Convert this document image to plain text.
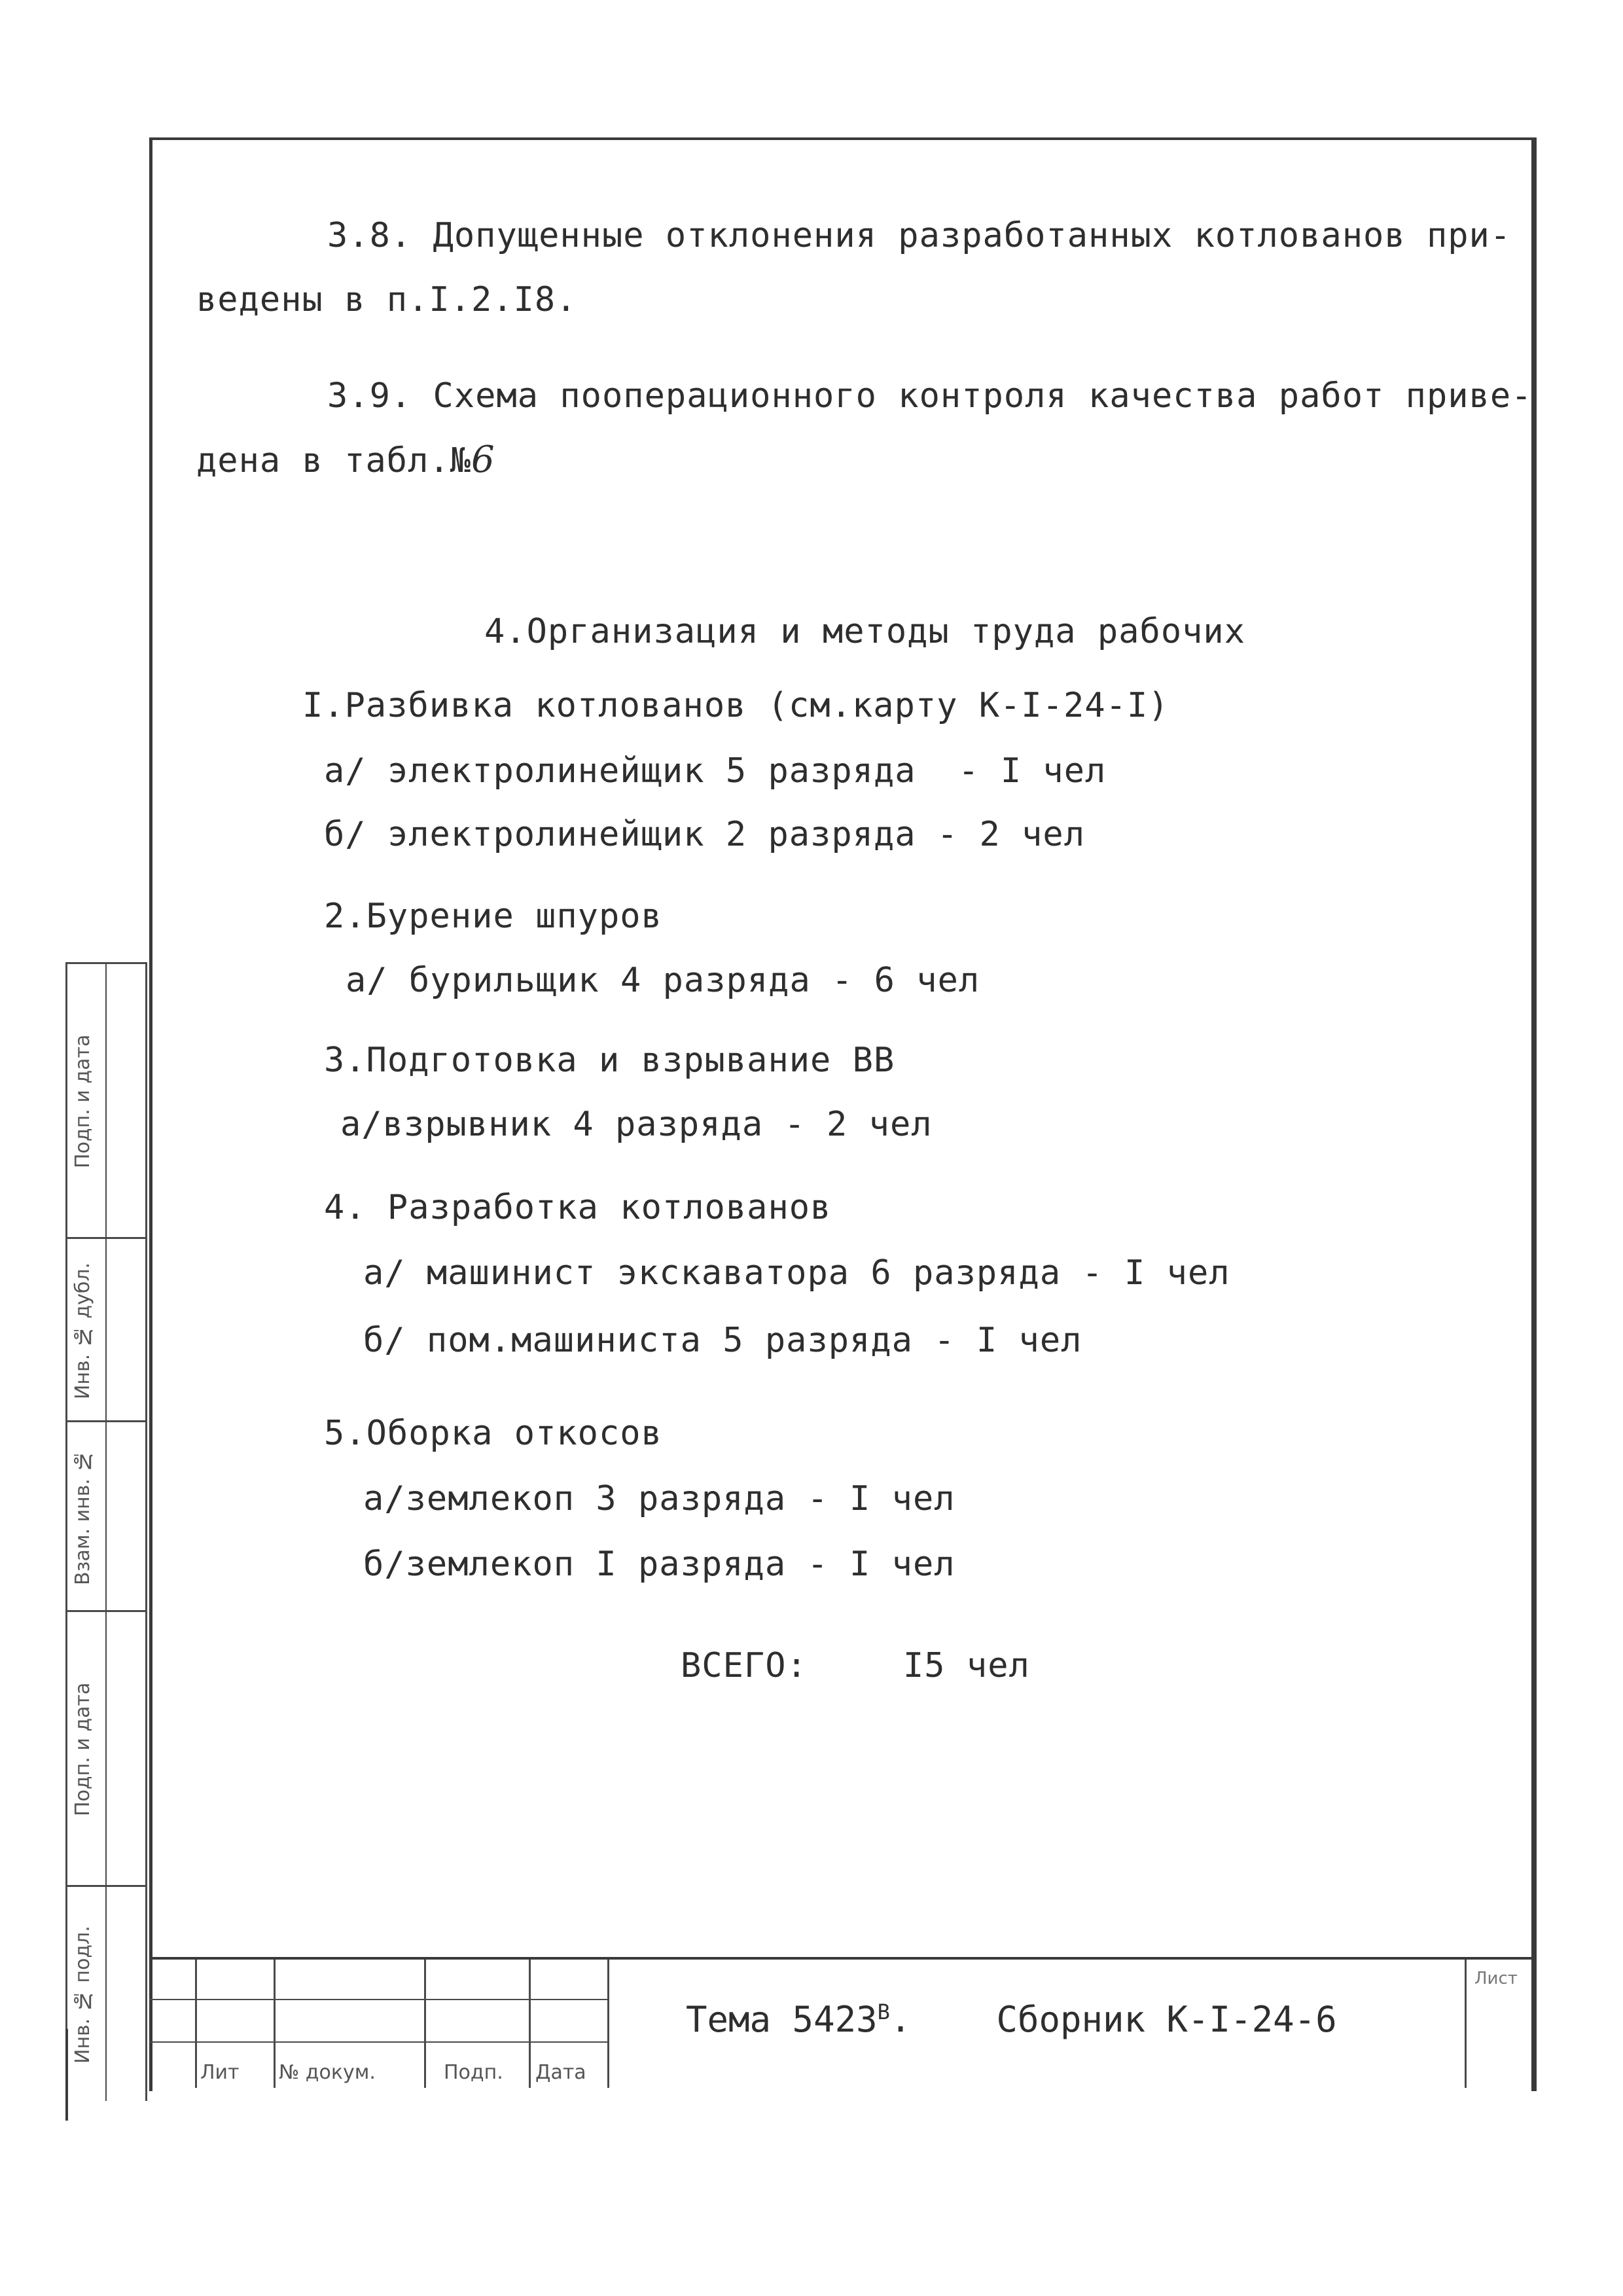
3.8. Допущенные отклонения разработанных котлованов при-
ведены в п.I.2.I8.
3.9. Схема пооперационного контроля качества работ приве-
дена в табл.№6
4.Организация и методы труда рабочих
I.Разбивка котлованов (см.карту К-I-24-I)
а/ электролинейщик 5 разряда  - I чел
б/ электролинейщик 2 разряда - 2 чел
2.Бурение шпуров
а/ бурильщик 4 разряда - 6 чел
3.Подготовка и взрывание ВВ
а/взрывник 4 разряда - 2 чел
4. Разработка котлованов
а/ машинист экскаватора 6 разряда - I чел
б/ пом.машиниста 5 разряда - I чел
5.Оборка откосов
а/землекоп 3 разряда - I чел
б/землекоп I разряда - I чел
ВСЕГО:	I5 чел
Подп. и дата
Инв. № дубл.
Взам. инв. №
Подп. и дата
Инв. № подл.
Лит № докум.	Подп. Дата
Тема $5423^В$.    Сборник К-I-24-6
Лист
